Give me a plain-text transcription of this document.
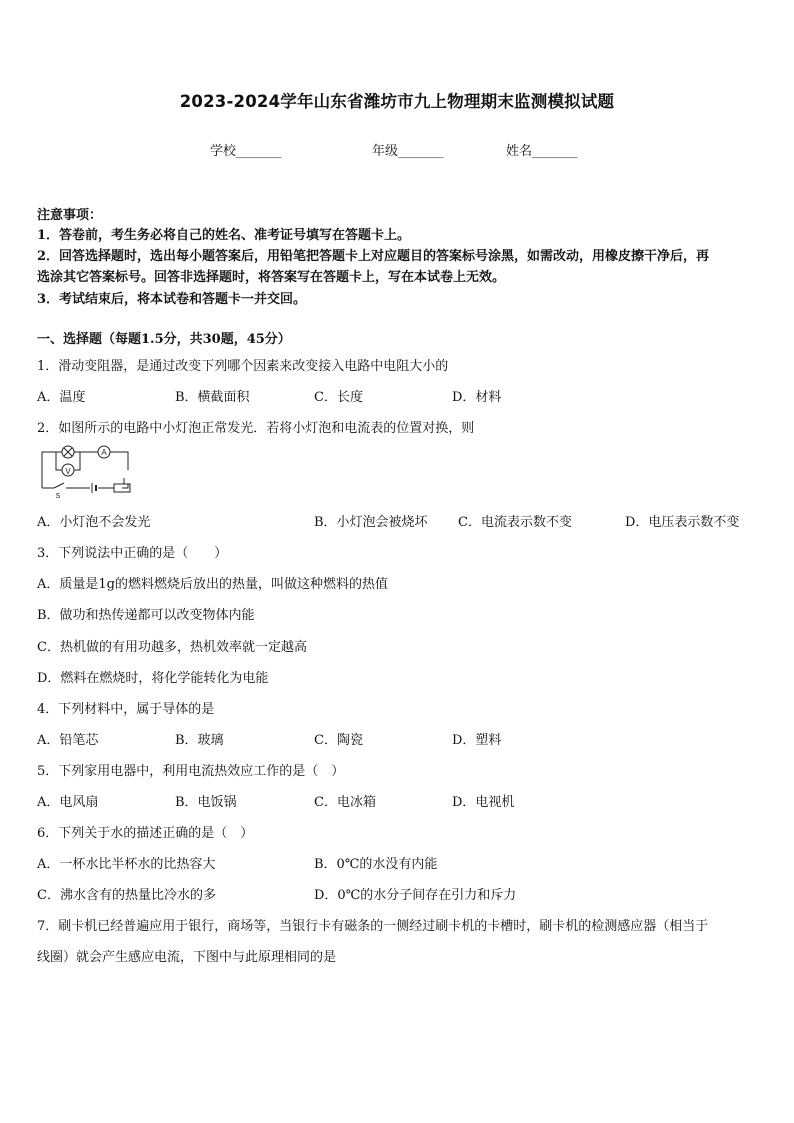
2023-2024学年山东省潍坊市九上物理期末监测模拟试题
学校_______	年级_______	姓名_______
注意事项：
1．答卷前，考生务必将自己的姓名、准考证号填写在答题卡上。
2．回答选择题时，选出每小题答案后，用铅笔把答题卡上对应题目的答案标号涂黑，如需改动，用橡皮擦干净后，再
选涂其它答案标号。回答非选择题时，将答案写在答题卡上，写在本试卷上无效。
3．考试结束后，将本试卷和答题卡一并交回。
一、选择题（每题1.5分，共30题，45分）
1．滑动变阻器，是通过改变下列哪个因素来改变接入电路中电阻大小的
A．温度	B．横截面积	C．长度	D．材料
2．如图所示的电路中小灯泡正常发光．若将小灯泡和电流表的位置对换，则
V
A
S
A．小灯泡不会发光	B．小灯泡会被烧坏 C．电流表示数不变	D．电压表示数不变
3．下列说法中正确的是（　　）
A．质量是1g的燃料燃烧后放出的热量，叫做这种燃料的热值
B．做功和热传递都可以改变物体内能
C．热机做的有用功越多，热机效率就一定越高
D．燃料在燃烧时，将化学能转化为电能
4．下列材料中，属于导体的是
A．铅笔芯	B．玻璃	C．陶瓷	D．塑料
5．下列家用电器中，利用电流热效应工作的是（　）
A．电风扇	B．电饭锅	C．电冰箱	D．电视机
6．下列关于水的描述正确的是（　）
A．一杯水比半杯水的比热容大	B．0℃的水没有内能
C．沸水含有的热量比冷水的多	D．0℃的水分子间存在引力和斥力
7．刷卡机已经普遍应用于银行，商场等，当银行卡有磁条的一侧经过刷卡机的卡槽时，刷卡机的检测感应器（相当于
线圈）就会产生感应电流，下图中与此原理相同的是
